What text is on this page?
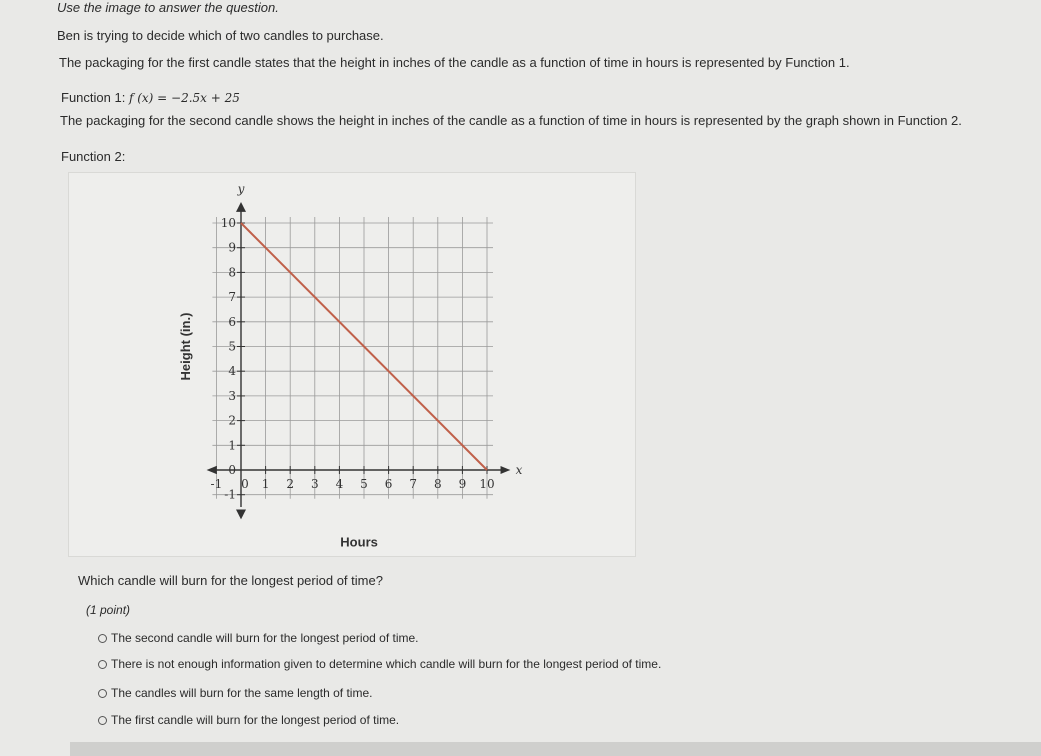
Use the image to answer the question.
Ben is trying to decide which of two candles to purchase.
The packaging for the first candle states that the height in inches of the candle as a function of time in hours is represented by Function 1.
Function 1: f (x) = −2.5x + 25
The packaging for the second candle shows the height in inches of the candle as a function of time in hours is represented by the graph shown in Function 2.
Function 2:
-1
1
2
3
4
5
6
7
8
9
10
0
-1	1 2 3 4 5 6 7 8 9 10
0
y
x
Hours
Height (in.)
Which candle will burn for the longest period of time?
(1 point)
The second candle will burn for the longest period of time.
There is not enough information given to determine which candle will burn for the longest period of time.
The candles will burn for the same length of time.
The first candle will burn for the longest period of time.
